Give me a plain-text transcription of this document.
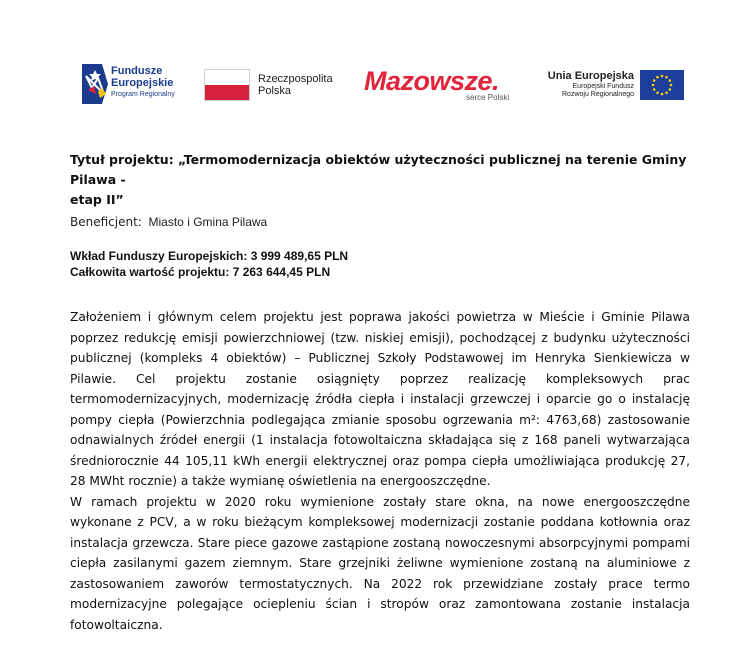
Fundusze
Europejskie
Program Regionalny
Rzeczpospolita
Polska	Mazowsze.
serce Polski
Unia Europejska
Europejski Fundusz
Rozwoju Regionalnego
Tytuł projektu: „Termomodernizacja obiektów użyteczności publicznej na terenie Gminy Pilawa -
etap II”
Beneficjent: Miasto i Gmina Pilawa
Wkład Funduszy Europejskich: 3 999 489,65 PLN
Całkowita wartość projektu: 7 263 644,45 PLN

Założeniem i głównym celem projektu jest poprawa jakości powietrza w Mieście i Gminie Pilawa poprzez redukcję emisji powierzchniowej (tzw. niskiej emisji), pochodzącej z budynku użyteczności publicznej (kompleks 4 obiektów) – Publicznej Szkoły Podstawowej im Henryka Sienkiewicza w Pilawie. Cel projektu zostanie osiągnięty poprzez realizację kompleksowych prac termomodernizacyjnych, modernizację źródła ciepła i instalacji grzewczej i oparcie go o instalację pompy ciepła (Powierzchnia podlegająca zmianie sposobu ogrzewania m²: 4763,68) zastosowanie odnawialnych źródeł energii (1 instalacja fotowoltaiczna składająca się z 168 paneli wytwarzająca średniorocznie 44 105,11 kWh energii elektrycznej oraz pompa ciepła umożliwiająca produkcję 27, 28 MWht rocznie) a także wymianę oświetlenia na energooszczędne.

W ramach projektu w 2020 roku wymienione zostały stare okna, na nowe energooszczędne wykonane z PCV, a w roku bieżącym kompleksowej modernizacji zostanie poddana kotłownia oraz instalacja grzewcza. Stare piece gazowe zastąpione zostaną nowoczesnymi absorpcyjnymi pompami ciepła zasilanymi gazem ziemnym. Stare grzejniki żeliwne wymienione zostaną na aluminiowe z zastosowaniem zaworów termostatycznych. Na 2022 rok przewidziane zostały prace termo modernizacyjne polegające ociepleniu ścian i stropów oraz zamontowana zostanie instalacja fotowoltaiczna.
